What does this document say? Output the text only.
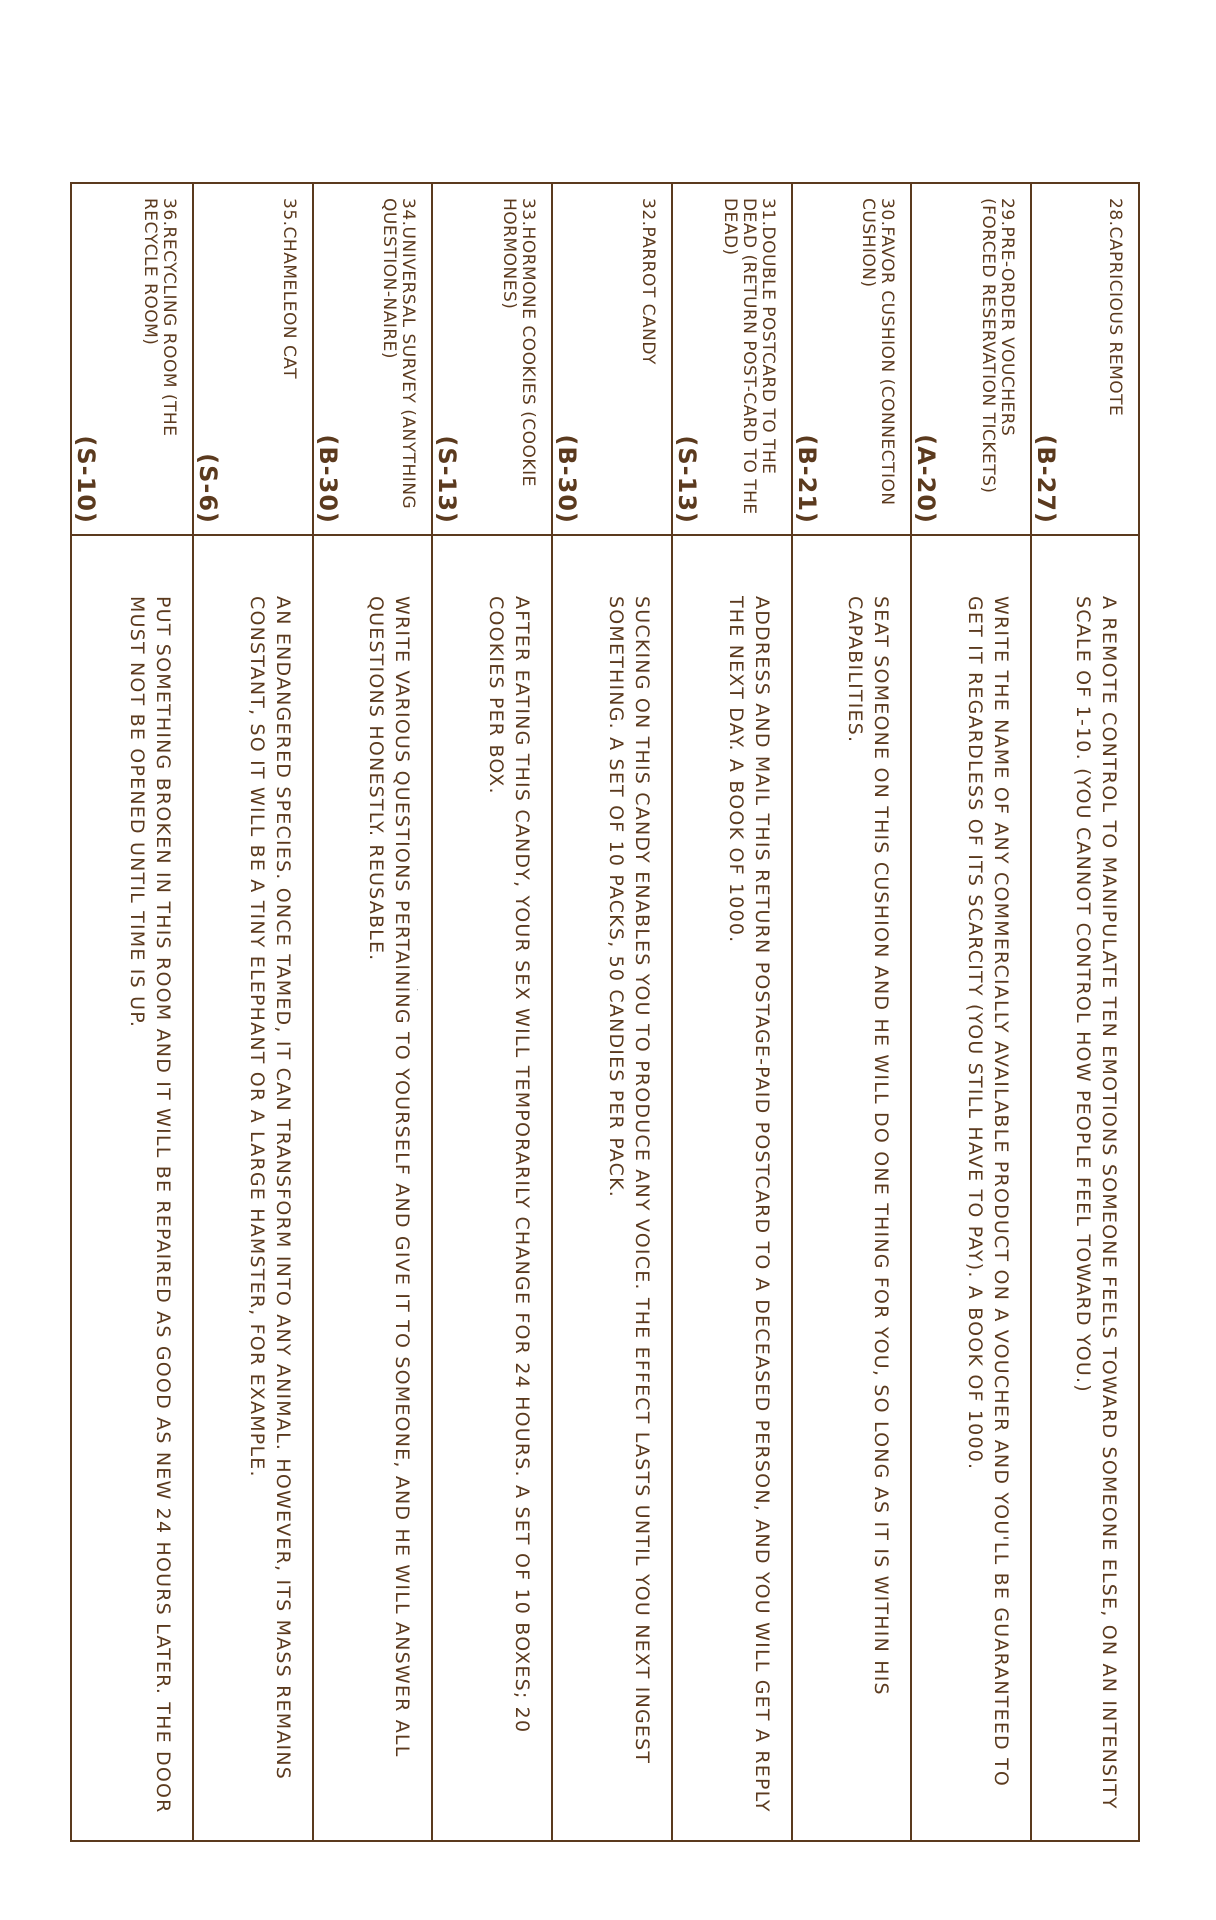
28.CAPRICIOUS REMOTE
(B-27)
A REMOTE CONTROL TO MANIPULATE TEN EMOTIONS SOMEONE FEELS TOWARD SOMEONE ELSE, ON AN INTENSITY SCALE OF 1-10. (YOU CANNOT CONTROL HOW PEOPLE FEEL TOWARD YOU.)
29.PRE-ORDER VOUCHERS (FORCED RESERVATION TICKETS)
(A-20)
WRITE THE NAME OF ANY COMMERCIALLY AVAILABLE PRODUCT ON A VOUCHER AND YOU'LL BE GUARANTEED TO GET IT REGARDLESS OF ITS SCARCITY (YOU STILL HAVE TO PAY). A BOOK OF 1000.
30.FAVOR CUSHION (CONNECTION CUSHION)
(B-21)
SEAT SOMEONE ON THIS CUSHION AND HE WILL DO ONE THING FOR YOU, SO LONG AS IT IS WITHIN HIS CAPABILITIES.
31.DOUBLE POSTCARD TO THE DEAD (RETURN POST-CARD TO THE DEAD)
(S-13)
ADDRESS AND MAIL THIS RETURN POSTAGE-PAID POSTCARD TO A DECEASED PERSON, AND YOU WILL GET A REPLY THE NEXT DAY. A BOOK OF 1000.
32.PARROT CANDY
(B-30)
SUCKING ON THIS CANDY ENABLES YOU TO PRODUCE ANY VOICE. THE EFFECT LASTS UNTIL YOU NEXT INGEST SOMETHING. A SET OF 10 PACKS, 50 CANDIES PER PACK.
33.HORMONE COOKIES (COOKIE HORMONES)
(S-13)
AFTER EATING THIS CANDY, YOUR SEX WILL TEMPORARILY CHANGE FOR 24 HOURS. A SET OF 10 BOXES; 20 COOKIES PER BOX.
34.UNIVERSAL SURVEY (ANYTHING QUESTION-NAIRE)
(B-30)
WRITE VARIOUS QUESTIONS PERTAINING TO YOURSELF AND GIVE IT TO SOMEONE, AND HE WILL ANSWER ALL QUESTIONS HONESTLY. REUSABLE.
35.CHAMELEON CAT
(S-6)
AN ENDANGERED SPECIES. ONCE TAMED, IT CAN TRANSFORM INTO ANY ANIMAL. HOWEVER, ITS MASS REMAINS CONSTANT, SO IT WILL BE A TINY ELEPHANT OR A LARGE HAMSTER, FOR EXAMPLE.
36.RECYCLING ROOM (THE RECYCLE ROOM)
(S-10)
PUT SOMETHING BROKEN IN THIS ROOM AND IT WILL BE REPAIRED AS GOOD AS NEW 24 HOURS LATER. THE DOOR MUST NOT BE OPENED UNTIL TIME IS UP.	‧
